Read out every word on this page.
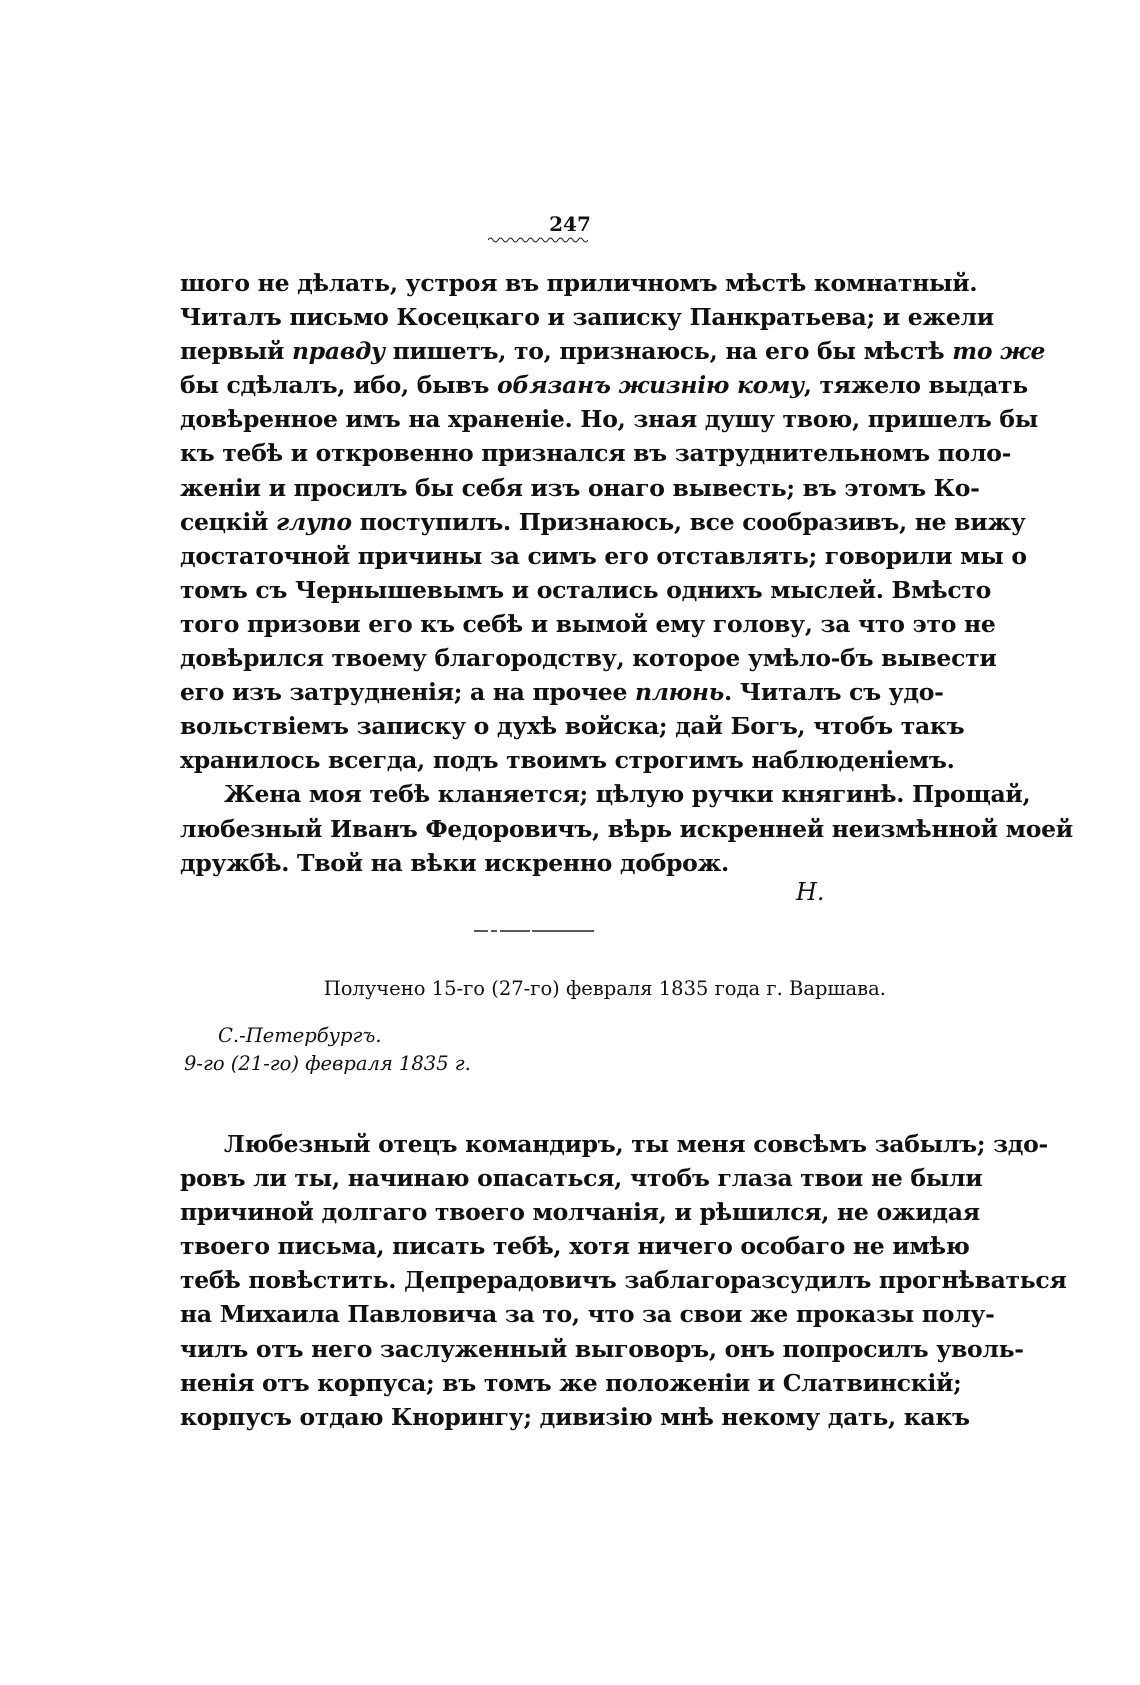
247
шого не дѣлать, устроя въ приличномъ мѣстѣ комнатный.
Читалъ письмо Косецкаго и записку Панкратьева; и ежели
первый правду пишетъ, то, признаюсь, на его бы мѣстѣ то же
бы сдѣлалъ, ибо, бывъ обязанъ жизнію кому, тяжело выдать
довѣренное имъ на храненіе. Но, зная душу твою, пришелъ бы
къ тебѣ и откровенно признался въ затруднительномъ поло-
женіи и просилъ бы себя изъ онаго вывесть; въ этомъ Ко-
сецкій глупо поступилъ. Признаюсь, все сообразивъ, не вижу
достаточной причины за симъ его отставлять; говорили мы о
томъ съ Чернышевымъ и остались однихъ мыслей. Вмѣсто
того призови его къ себѣ и вымой ему голову, за что это не
довѣрился твоему благородству, которое умѣло-бъ вывести
его изъ затрудненія; а на прочее плюнь. Читалъ съ удо-
вольствіемъ записку о духѣ войска; дай Богъ, чтобъ такъ
хранилось всегда, подъ твоимъ строгимъ наблюденіемъ.
Жена моя тебѣ кланяется; цѣлую ручки княгинѣ. Прощай,
любезный Иванъ Федоровичъ, вѣрь искренней неизмѣнной моей
дружбѣ. Твой на вѣки искренно доброж.
Н.
Получено 15-го (27-го) февраля 1835 года г. Варшава.
С.-Петербургъ.
9-го (21-го) февраля 1835 г.
Любезный отецъ командиръ, ты меня совсѣмъ забылъ; здо-
ровъ ли ты, начинаю опасаться, чтобъ глаза твои не были
причиной долгаго твоего молчанія, и рѣшился, не ожидая
твоего письма, писать тебѣ, хотя ничего особаго не имѣю
тебѣ повѣстить. Депрерадовичъ заблагоразсудилъ прогнѣваться
на Михаила Павловича за то, что за свои же проказы полу-
чилъ отъ него заслуженный выговоръ, онъ попросилъ уволь-
ненія отъ корпуса; въ томъ же положеніи и Слатвинскій;
корпусъ отдаю Кнорингу; дивизію мнѣ некому дать, какъ
